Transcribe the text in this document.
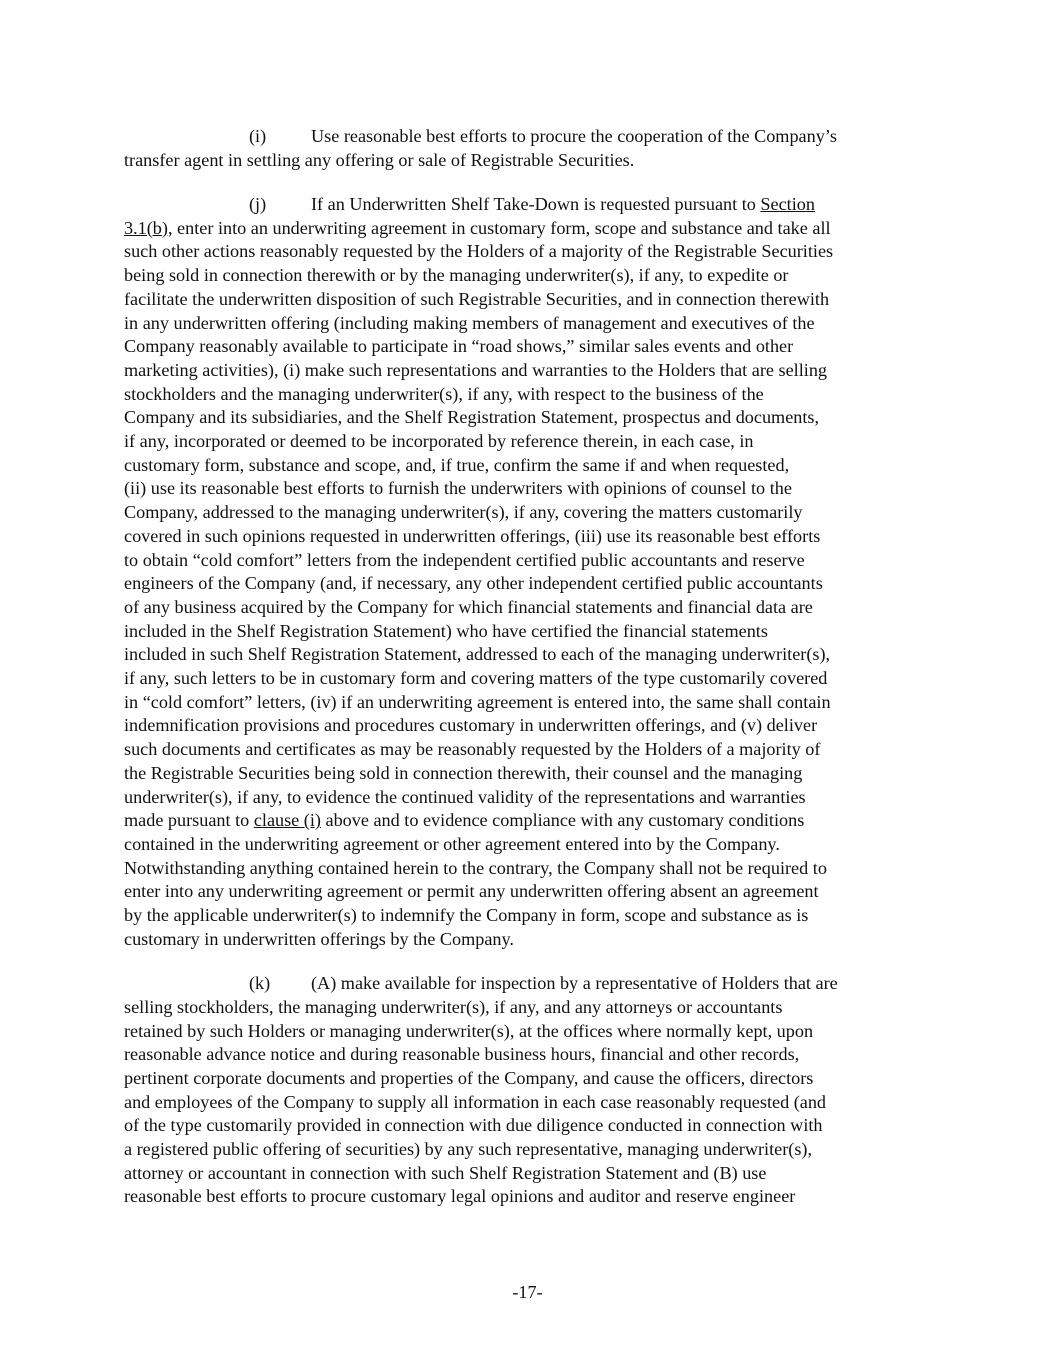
(i) Use reasonable best efforts to procure the cooperation of the Company’s
transfer agent in settling any offering or sale of Registrable Securities.

(j) If an Underwritten Shelf Take-Down is requested pursuant to Section
3.1(b), enter into an underwriting agreement in customary form, scope and substance and take all
such other actions reasonably requested by the Holders of a majority of the Registrable Securities
being sold in connection therewith or by the managing underwriter(s), if any, to expedite or
facilitate the underwritten disposition of such Registrable Securities, and in connection therewith
in any underwritten offering (including making members of management and executives of the
Company reasonably available to participate in “road shows,” similar sales events and other
marketing activities), (i) make such representations and warranties to the Holders that are selling
stockholders and the managing underwriter(s), if any, with respect to the business of the
Company and its subsidiaries, and the Shelf Registration Statement, prospectus and documents,
if any, incorporated or deemed to be incorporated by reference therein, in each case, in
customary form, substance and scope, and, if true, confirm the same if and when requested,
(ii) use its reasonable best efforts to furnish the underwriters with opinions of counsel to the
Company, addressed to the managing underwriter(s), if any, covering the matters customarily
covered in such opinions requested in underwritten offerings, (iii) use its reasonable best efforts
to obtain “cold comfort” letters from the independent certified public accountants and reserve
engineers of the Company (and, if necessary, any other independent certified public accountants
of any business acquired by the Company for which financial statements and financial data are
included in the Shelf Registration Statement) who have certified the financial statements
included in such Shelf Registration Statement, addressed to each of the managing underwriter(s),
if any, such letters to be in customary form and covering matters of the type customarily covered
in “cold comfort” letters, (iv) if an underwriting agreement is entered into, the same shall contain
indemnification provisions and procedures customary in underwritten offerings, and (v) deliver
such documents and certificates as may be reasonably requested by the Holders of a majority of
the Registrable Securities being sold in connection therewith, their counsel and the managing
underwriter(s), if any, to evidence the continued validity of the representations and warranties
made pursuant to clause (i) above and to evidence compliance with any customary conditions
contained in the underwriting agreement or other agreement entered into by the Company.
Notwithstanding anything contained herein to the contrary, the Company shall not be required to
enter into any underwriting agreement or permit any underwritten offering absent an agreement
by the applicable underwriter(s) to indemnify the Company in form, scope and substance as is
customary in underwritten offerings by the Company.

(k) (A) make available for inspection by a representative of Holders that are
selling stockholders, the managing underwriter(s), if any, and any attorneys or accountants
retained by such Holders or managing underwriter(s), at the offices where normally kept, upon
reasonable advance notice and during reasonable business hours, financial and other records,
pertinent corporate documents and properties of the Company, and cause the officers, directors
and employees of the Company to supply all information in each case reasonably requested (and
of the type customarily provided in connection with due diligence conducted in connection with
a registered public offering of securities) by any such representative, managing underwriter(s),
attorney or accountant in connection with such Shelf Registration Statement and (B) use
reasonable best efforts to procure customary legal opinions and auditor and reserve engineer

-17-
